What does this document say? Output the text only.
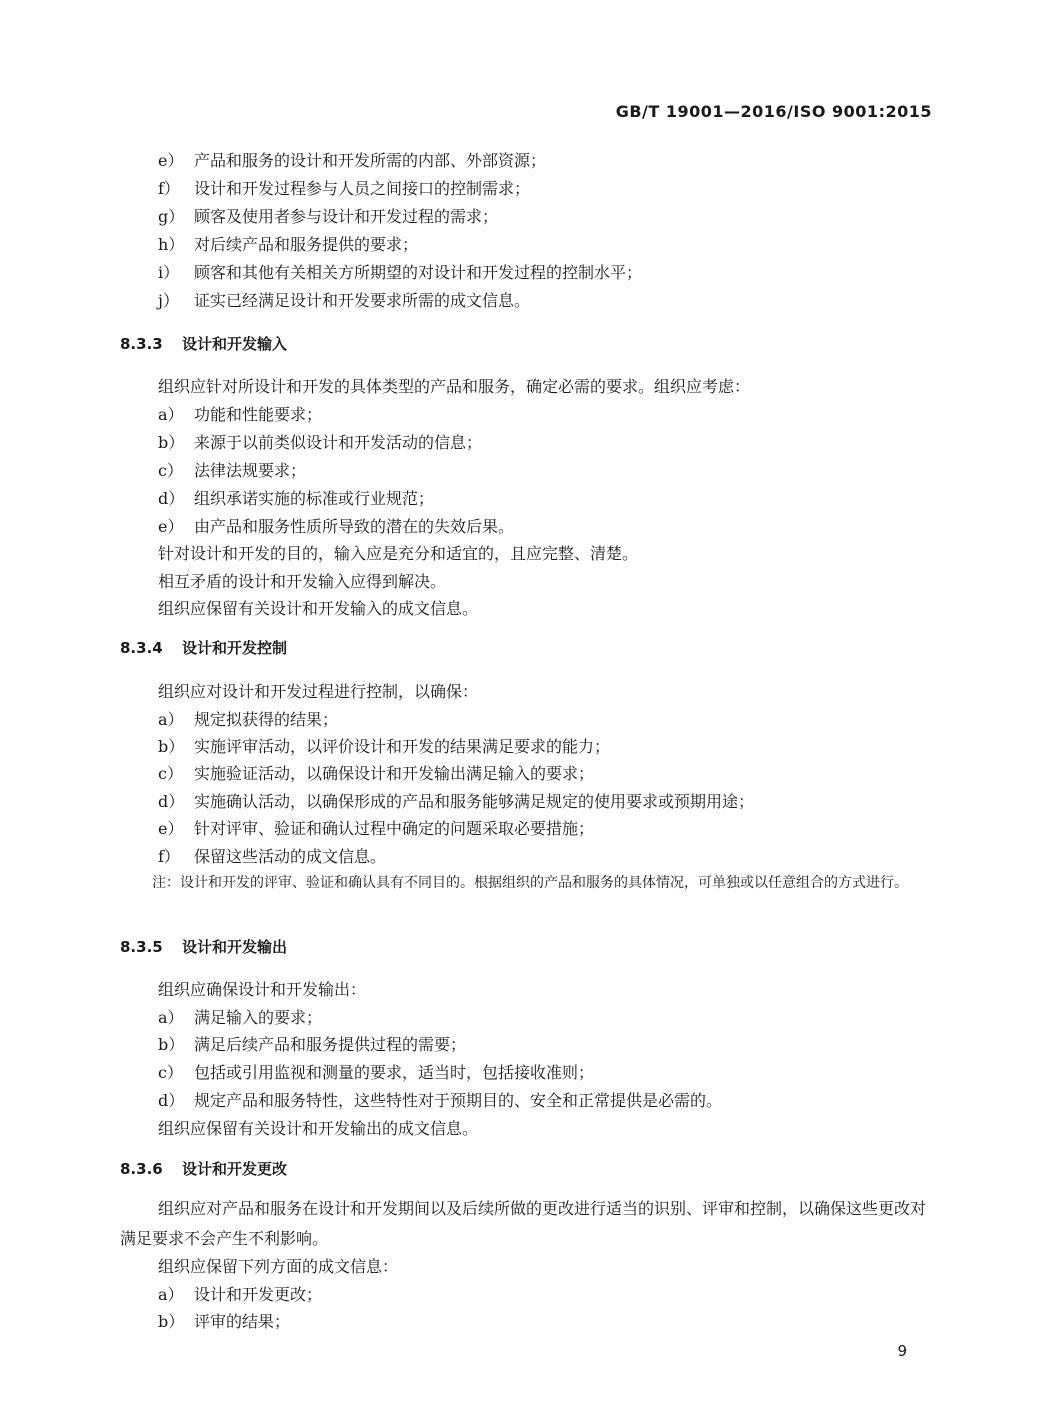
GB/T 19001—2016/ISO 9001:2015
e） 产品和服务的设计和开发所需的内部、外部资源；
f） 设计和开发过程参与人员之间接口的控制需求；
g） 顾客及使用者参与设计和开发过程的需求；
h） 对后续产品和服务提供的要求；
i） 顾客和其他有关相关方所期望的对设计和开发过程的控制水平；
j） 证实已经满足设计和开发要求所需的成文信息。
8.3.3 设计和开发输入
组织应针对所设计和开发的具体类型的产品和服务，确定必需的要求。组织应考虑：
a） 功能和性能要求；
b） 来源于以前类似设计和开发活动的信息；
c） 法律法规要求；
d） 组织承诺实施的标准或行业规范；
e） 由产品和服务性质所导致的潜在的失效后果。
针对设计和开发的目的，输入应是充分和适宜的，且应完整、清楚。
相互矛盾的设计和开发输入应得到解决。
组织应保留有关设计和开发输入的成文信息。
8.3.4 设计和开发控制
组织应对设计和开发过程进行控制，以确保：
a） 规定拟获得的结果；
b） 实施评审活动，以评价设计和开发的结果满足要求的能力；
c） 实施验证活动，以确保设计和开发输出满足输入的要求；
d） 实施确认活动，以确保形成的产品和服务能够满足规定的使用要求或预期用途；
e） 针对评审、验证和确认过程中确定的问题采取必要措施；
f） 保留这些活动的成文信息。
注：设计和开发的评审、验证和确认具有不同目的。根据组织的产品和服务的具体情况，可单独或以任意组合的方式进行。
8.3.5 设计和开发输出
组织应确保设计和开发输出：
a） 满足输入的要求；
b） 满足后续产品和服务提供过程的需要；
c） 包括或引用监视和测量的要求，适当时，包括接收准则；
d） 规定产品和服务特性，这些特性对于预期目的、安全和正常提供是必需的。
组织应保留有关设计和开发输出的成文信息。
8.3.6 设计和开发更改
组织应对产品和服务在设计和开发期间以及后续所做的更改进行适当的识别、评审和控制，以确保这些更改对满足要求不会产生不利影响。
组织应保留下列方面的成文信息：
a） 设计和开发更改；
b） 评审的结果；
9
